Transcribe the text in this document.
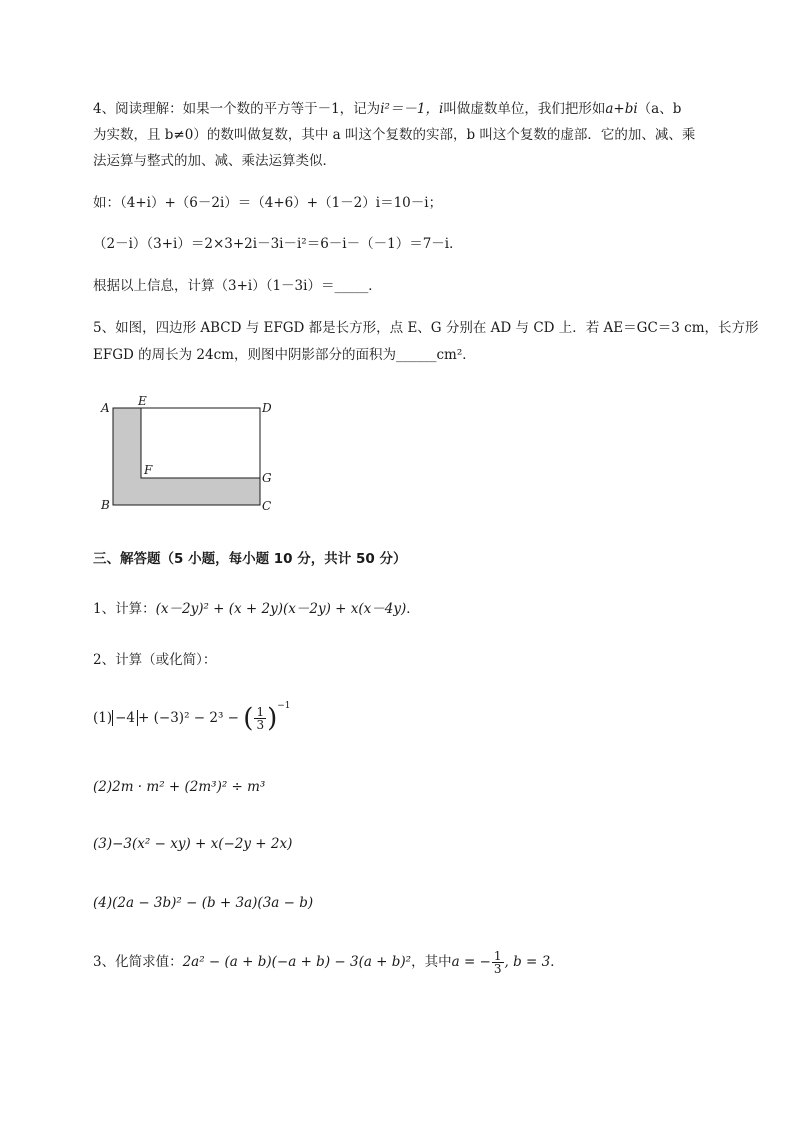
4、阅读理解：如果一个数的平方等于－1，记为i²＝－1，i叫做虚数单位，我们把形如a+bi（a、b
为实数，且 b≠0）的数叫做复数，其中 a 叫这个复数的实部，b 叫这个复数的虚部．它的加、减、乘
法运算与整式的加、减、乘法运算类似．
如：（4+i）+（6－2i）＝（4+6）+（1－2）i＝10－i；
（2－i）（3+i）＝2×3+2i－3i－i²＝6－i－（－1）＝7－i．
根据以上信息，计算（3+i）（1－3i）＝_____．
5、如图，四边形 ABCD 与 EFGD 都是长方形，点 E、G 分别在 AD 与 CD 上．若 AE＝GC＝3 cm，长方形
EFGD 的周长为 24cm，则图中阴影部分的面积为______cm²．
A E	D
F
G
B	C
三、解答题（5 小题，每小题 10 分，共计 50 分）
1、计算：(x－2y)² + (x + 2y)(x－2y) + x(x－4y)．
2、计算（或化简）：
(1) −4 + (−3)² − 2³ − ( $\frac{1}{3} )^{-1}$
(2)2m · m² + (2m³)² ÷ m³
(3)−3(x² − xy) + x(−2y + 2x)
(4)(2a − 3b)² − (b + 3a)(3a − b)
3、化简求值：2a² − (a + b)(−a + b) − 3(a + b)²，其中a = − $\frac{1}{3}$ , b = 3．
